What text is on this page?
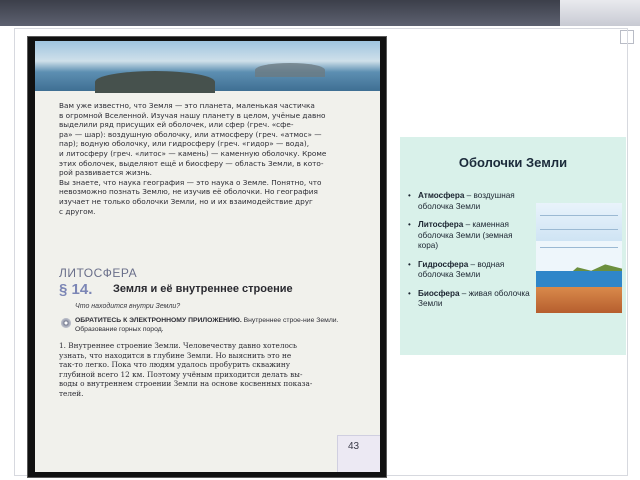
Вам уже известно, что Земля — это планета, маленькая частичка
в огромной Вселенной. Изучая нашу планету в целом, учёные давно
выделили ряд присущих ей оболочек, или сфер (греч. «сфе-
ра» — шар): воздушную оболочку, или атмосферу (греч. «атмос» —
пар); водную оболочку, или гидросферу (греч. «гидор» — вода),
и литосферу (греч. «литос» — камень) — каменную оболочку. Кроме
этих оболочек, выделяют ещё и биосферу — область Земли, в кото-
рой развивается жизнь.
Вы знаете, что наука география — это наука о Земле. Понятно, что
невозможно познать Землю, не изучив её оболочки. Но география
изучает не только оболочки Земли, но и их взаимодействие друг
с другом.
ЛИТОСФЕРА
§ 14. Земля и её внутреннее строение
Что находится внутри Земли?
ОБРАТИТЕСЬ К ЭЛЕКТРОННОМУ ПРИЛОЖЕНИЮ. Внутреннее строе-ние Земли. Образование горных пород.
1. Внутреннее строение Земли. Человечеству давно хотелось
узнать, что находится в глубине Земли. Но выяснить это не
так-то легко. Пока что людям удалось пробурить скважину
глубиной всего 12 км. Поэтому учёным приходится делать вы-
воды о внутреннем строении Земли на основе косвенных показа-
телей.
43
Оболочки Земли
• Атмосфера – воздушная оболочка Земли
• Литосфера – каменная оболочка Земли (земная кора)
• Гидросфера – водная оболочка Земли
• Биосфера – живая оболочка Земли
